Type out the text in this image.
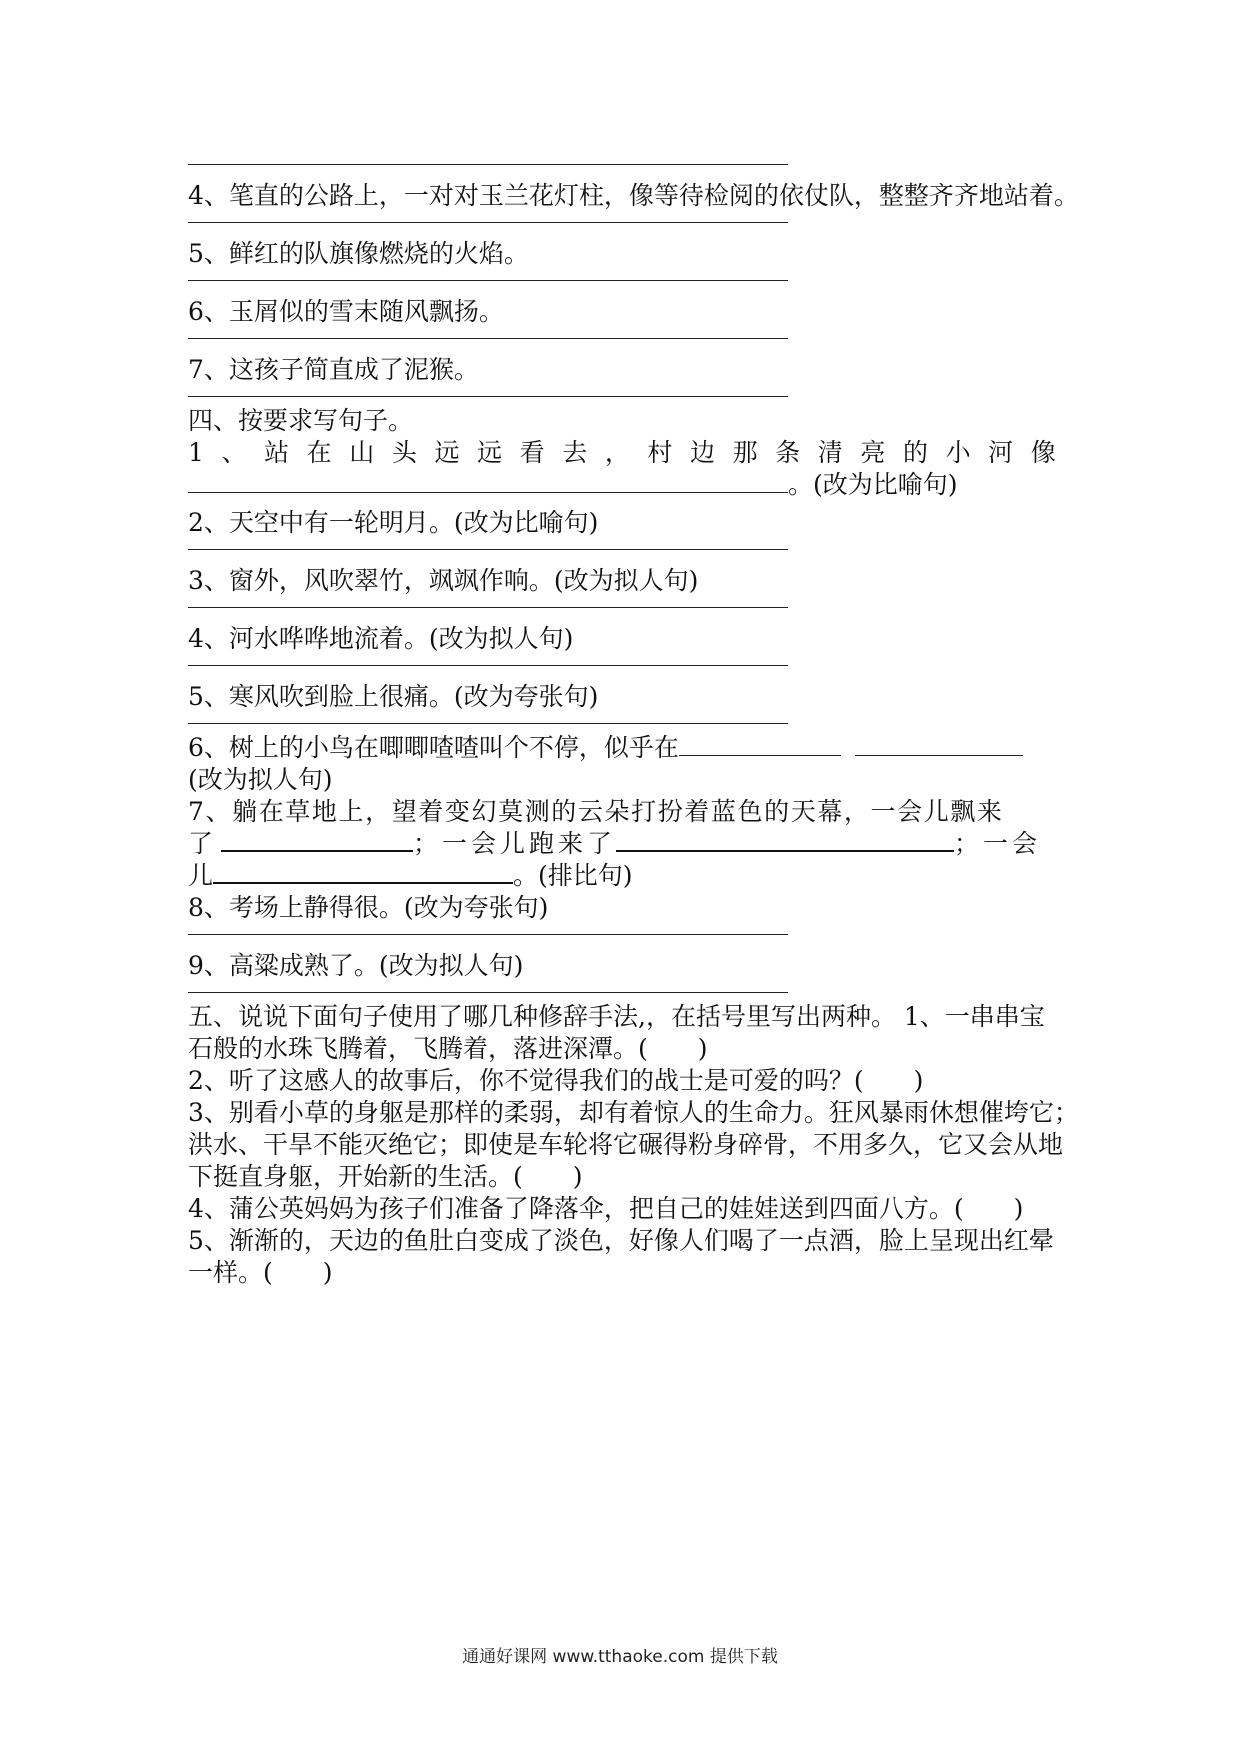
4、笔直的公路上，一对对玉兰花灯柱，像等待检阅的依仗队，整整齐齐地站着。

5、鲜红的队旗像燃烧的火焰。

6、玉屑似的雪末随风飘扬。

7、这孩子简直成了泥猴。

四、按要求写句子。

1 、 站 在 山 头 远 远 看 去 ， 村 边 那 条 清 亮 的 小 河 像

。(改为比喻句)

2、天空中有一轮明月。(改为比喻句)

3、窗外，风吹翠竹，飒飒作响。(改为拟人句)

4、河水哗哗地流着。(改为拟人句)

5、寒风吹到脸上很痛。(改为夸张句)

6、树上的小鸟在唧唧喳喳叫个不停，似乎在

(改为拟人句)

7、躺在草地上，望着变幻莫测的云朵打扮着蓝色的天幕，一会儿飘来

了	；一会儿跑来了	；一会

儿	。(排比句)

8、考场上静得很。(改为夸张句)

9、高粱成熟了。(改为拟人句)

五、说说下面句子使用了哪几种修辞手法,，在括号里写出两种。 1、一串串宝

石般的水珠飞腾着，飞腾着，落进深潭。(　　)

2、听了这感人的故事后，你不觉得我们的战士是可爱的吗？(　　)

3、别看小草的身躯是那样的柔弱，却有着惊人的生命力。狂风暴雨休想催垮它；

洪水、干旱不能灭绝它；即使是车轮将它碾得粉身碎骨，不用多久，它又会从地

下挺直身躯，开始新的生活。(　　)

4、蒲公英妈妈为孩子们准备了降落伞，把自己的娃娃送到四面八方。(　　)

5、渐渐的，天边的鱼肚白变成了淡色，好像人们喝了一点酒，脸上呈现出红晕

一样。(　　)

通通好课网 www.tthaoke.com 提供下载
